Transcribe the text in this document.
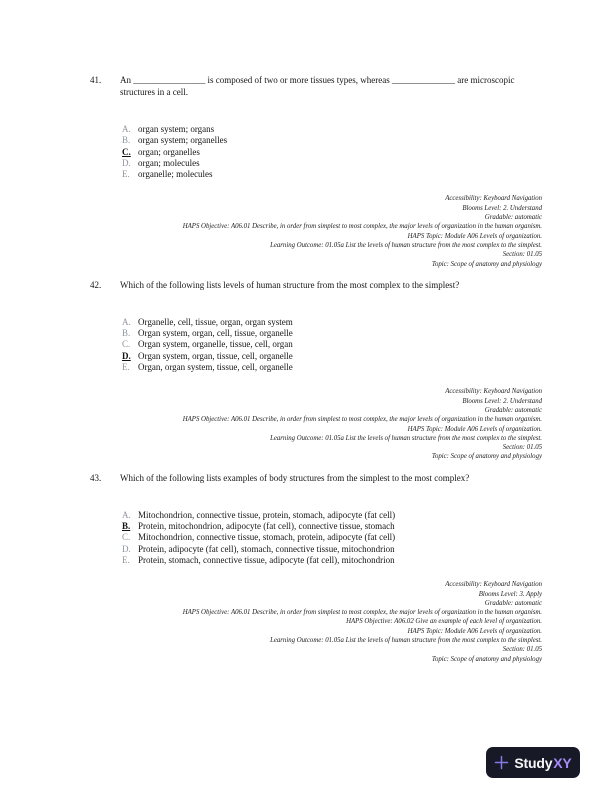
41.	An ________________ is composed of two or more tissues types, whereas ______________ are microscopic structures in a cell.
A. organ system; organs
B. organ system; organelles
C. organ; organelles
D. organ; molecules
E. organelle; molecules
Accessibility: Keyboard Navigation
Blooms Level: 2. Understand
Gradable: automatic
HAPS Objective: A06.01 Describe, in order from simplest to most complex, the major levels of organization in the human organism.
HAPS Topic: Module A06 Levels of organization.
Learning Outcome: 01.05a List the levels of human structure from the most complex to the simplest.
Section: 01.05
Topic: Scope of anatomy and physiology
42.	Which of the following lists levels of human structure from the most complex to the simplest?
A. Organelle, cell, tissue, organ, organ system
B. Organ system, organ, cell, tissue, organelle
C. Organ system, organelle, tissue, cell, organ
D. Organ system, organ, tissue, cell, organelle
E. Organ, organ system, tissue, cell, organelle
Accessibility: Keyboard Navigation
Blooms Level: 2. Understand
Gradable: automatic
HAPS Objective: A06.01 Describe, in order from simplest to most complex, the major levels of organization in the human organism.
HAPS Topic: Module A06 Levels of organization.
Learning Outcome: 01.05a List the levels of human structure from the most complex to the simplest.
Section: 01.05
Topic: Scope of anatomy and physiology
43.	Which of the following lists examples of body structures from the simplest to the most complex?
A. Mitochondrion, connective tissue, protein, stomach, adipocyte (fat cell)
B. Protein, mitochondrion, adipocyte (fat cell), connective tissue, stomach
C. Mitochondrion, connective tissue, stomach, protein, adipocyte (fat cell)
D. Protein, adipocyte (fat cell), stomach, connective tissue, mitochondrion
E. Protein, stomach, connective tissue, adipocyte (fat cell), mitochondrion
Accessibility: Keyboard Navigation
Blooms Level: 3. Apply
Gradable: automatic
HAPS Objective: A06.01 Describe, in order from simplest to most complex, the major levels of organization in the human organism.
HAPS Objective: A06.02 Give an example of each level of organization.
HAPS Topic: Module A06 Levels of organization.
Learning Outcome: 01.05a List the levels of human structure from the most complex to the simplest.
Section: 01.05
Topic: Scope of anatomy and physiology
Study XY
